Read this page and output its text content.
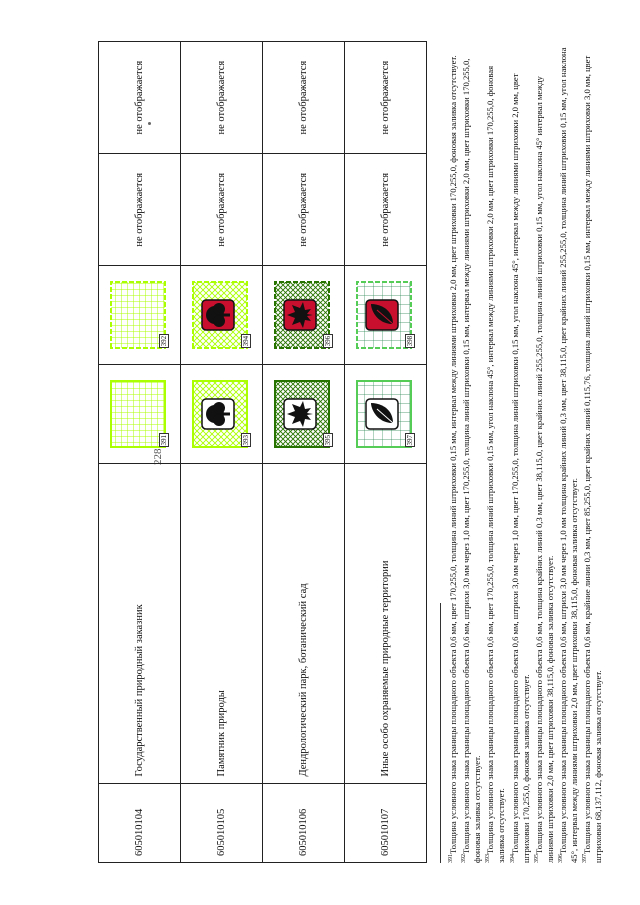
228
605010104	Государственный природный заказник	391	392	не отображается	не отображается
605010105	Памятник природы	393	394	не отображается	не отображается
605010106	Дендрологический парк, ботанический сад	395	396	не отображается	не отображается
605010107	Иные особо охраняемые природные территории	397	398	не отображается	не отображается

$^{391}$Толщина условного знака границы площадного объекта 0,6 мм, цвет 170,255,0, толщина линий штриховки 0,15 мм, интервал между линиями штриховки 2,0 мм, цвет штриховки 170,255,0, фоновая заливка отсутствует.

$^{392}$Толщина условного знака границы площадного объекта 0,6 мм, штрихи 3,0 мм через 1,0 мм, цвет 170,255,0, толщина линий штриховки 0,15 мм, интервал между линиями штриховки 2,0 мм, цвет штриховки 170,255,0, фоновая заливка отсутствует. $^{393}$Толщина условного знака границы площадного объекта 0,6 мм, цвет 170,255,0, толщина линий штриховки 0,15 мм, угол наклона 45°, интервал между линиями штриховки 2,0 мм, цвет штриховки 170,255,0, фоновая заливка отсутствует. $^{394}$Толщина условного знака границы площадного объекта 0,6 мм, штрихи 3,0 мм через 1,0 мм, цвет 170,255,0, толщина линий штриховки 0,15 мм, угол наклона 45°, интервал между линиями штриховки 2,0 мм, цвет штриховки 170,255,0, фоновая заливка отсутствует. $^{395}$Толщина условного знака границы площадного объекта 0,6 мм, толщина крайних линий 0,3 мм, цвет 38,115,0, цвет крайних линий 255,255,0, толщина линий штриховки 0,15 мм, угол наклона 45° интервал между линиями штриховки 2,0 мм, цвет штриховки 38,115,0, фоновая заливка отсутствует. $^{396}$Толщина условного знака границы площадного объекта 0,6 мм, штрихи 3,0 мм через 1,0 мм толщина крайних линий 0,3 мм, цвет 38,115,0, цвет крайних линий 255,255,0, толщина линий штриховки 0,15 мм, угол наклона 45°, интервал между линиями штриховки 2,0 мм, цвет штриховки 38,115,0, фоновая заливка отсутствует. $^{397}$Толщина условного знака границы площадного объекта 0,6 мм, крайние линии 0,3 мм, цвет 85,255,0, цвет крайних линий 0,115,76, толщина линий штриховки 0,15 мм, интервал между линиями штриховки 3,0 мм, цвет штриховки 68,137,112, фоновая заливка отсутствует.
